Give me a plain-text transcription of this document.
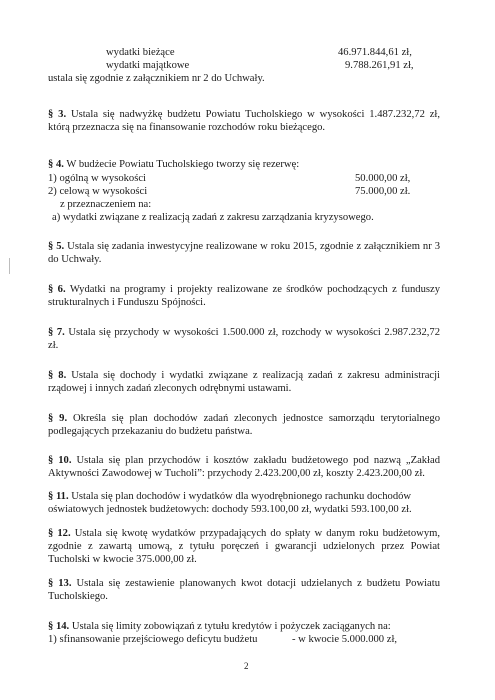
wydatki bieżące	46.971.844,61 zł,
wydatki majątkowe	9.788.261,91 zł,
ustala się zgodnie z załącznikiem nr 2 do Uchwały.
§ 3. Ustala się nadwyżkę budżetu Powiatu Tucholskiego w wysokości 1.487.232,72 zł,
którą przeznacza się na finansowanie rozchodów roku bieżącego.
§ 4. W budżecie Powiatu Tucholskiego tworzy się rezerwę:
1) ogólną w wysokości	50.000,00 zł,
2) celową w wysokości	75.000,00 zł.
z przeznaczeniem na:
a) wydatki związane z realizacją zadań z zakresu zarządzania kryzysowego.
§ 5. Ustala się zadania inwestycyjne realizowane w roku 2015, zgodnie z załącznikiem nr 3
do Uchwały.
§ 6. Wydatki na programy i projekty realizowane ze środków pochodzących z funduszy
strukturalnych i Funduszu Spójności.
§ 7. Ustala się przychody w wysokości 1.500.000 zł, rozchody w wysokości 2.987.232,72
zł.
§ 8. Ustala się dochody i wydatki związane z realizacją zadań z zakresu administracji
rządowej i innych zadań zleconych odrębnymi ustawami.
§ 9. Określa się plan dochodów zadań zleconych jednostce samorządu terytorialnego
podlegających przekazaniu do budżetu państwa.
§ 10. Ustala się plan przychodów i kosztów zakładu budżetowego pod nazwą „Zakład
Aktywności Zawodowej w Tucholi”: przychody 2.423.200,00 zł, koszty 2.423.200,00 zł.
§ 11. Ustala się plan dochodów i wydatków dla wyodrębnionego rachunku dochodów
oświatowych jednostek budżetowych: dochody 593.100,00 zł, wydatki 593.100,00 zł.
§ 12. Ustala się kwotę wydatków przypadających do spłaty w danym roku budżetowym,
zgodnie z zawartą umową, z tytułu poręczeń i gwarancji udzielonych przez Powiat
Tucholski w kwocie 375.000,00 zł.
§ 13. Ustala się zestawienie planowanych kwot dotacji udzielanych z budżetu Powiatu
Tucholskiego.
§ 14. Ustala się limity zobowiązań z tytułu kredytów i pożyczek zaciąganych na:
1) sfinansowanie przejściowego deficytu budżetu	- w kwocie 5.000.000 zł,
2
